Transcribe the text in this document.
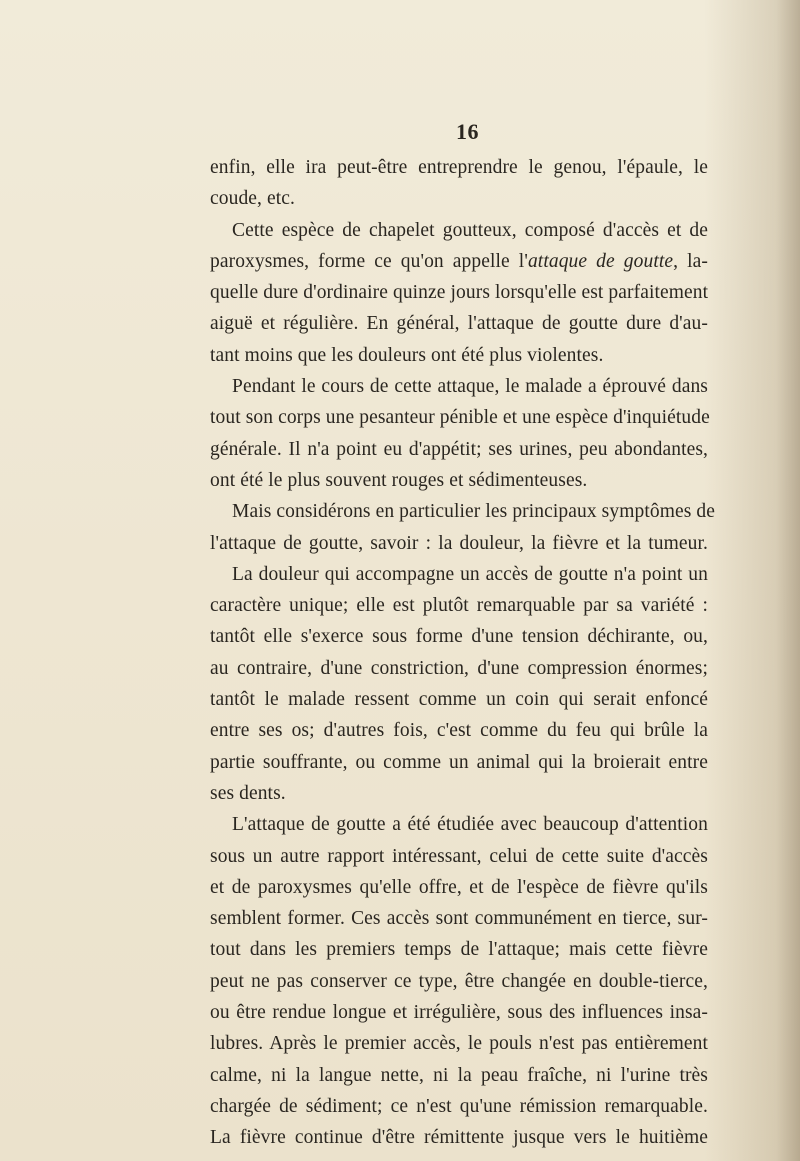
16
enfin, elle ira peut-être entreprendre le genou, l'épaule, le
coude, etc.
Cette espèce de chapelet goutteux, composé d'accès et de
paroxysmes, forme ce qu'on appelle l'attaque de goutte, la-
quelle dure d'ordinaire quinze jours lorsqu'elle est parfaitement
aiguë et régulière. En général, l'attaque de goutte dure d'au-
tant moins que les douleurs ont été plus violentes.
Pendant le cours de cette attaque, le malade a éprouvé dans
tout son corps une pesanteur pénible et une espèce d'inquiétude
générale. Il n'a point eu d'appétit; ses urines, peu abondantes,
ont été le plus souvent rouges et sédimenteuses.
Mais considérons en particulier les principaux symptômes de
l'attaque de goutte, savoir : la douleur, la fièvre et la tumeur.
La douleur qui accompagne un accès de goutte n'a point un
caractère unique; elle est plutôt remarquable par sa variété :
tantôt elle s'exerce sous forme d'une tension déchirante, ou,
au contraire, d'une constriction, d'une compression énormes;
tantôt le malade ressent comme un coin qui serait enfoncé
entre ses os; d'autres fois, c'est comme du feu qui brûle la
partie souffrante, ou comme un animal qui la broierait entre
ses dents.
L'attaque de goutte a été étudiée avec beaucoup d'attention
sous un autre rapport intéressant, celui de cette suite d'accès
et de paroxysmes qu'elle offre, et de l'espèce de fièvre qu'ils
semblent former. Ces accès sont communément en tierce, sur-
tout dans les premiers temps de l'attaque; mais cette fièvre
peut ne pas conserver ce type, être changée en double-tierce,
ou être rendue longue et irrégulière, sous des influences insa-
lubres. Après le premier accès, le pouls n'est pas entièrement
calme, ni la langue nette, ni la peau fraîche, ni l'urine très
chargée de sédiment; ce n'est qu'une rémission remarquable.
La fièvre continue d'être rémittente jusque vers le huitième
